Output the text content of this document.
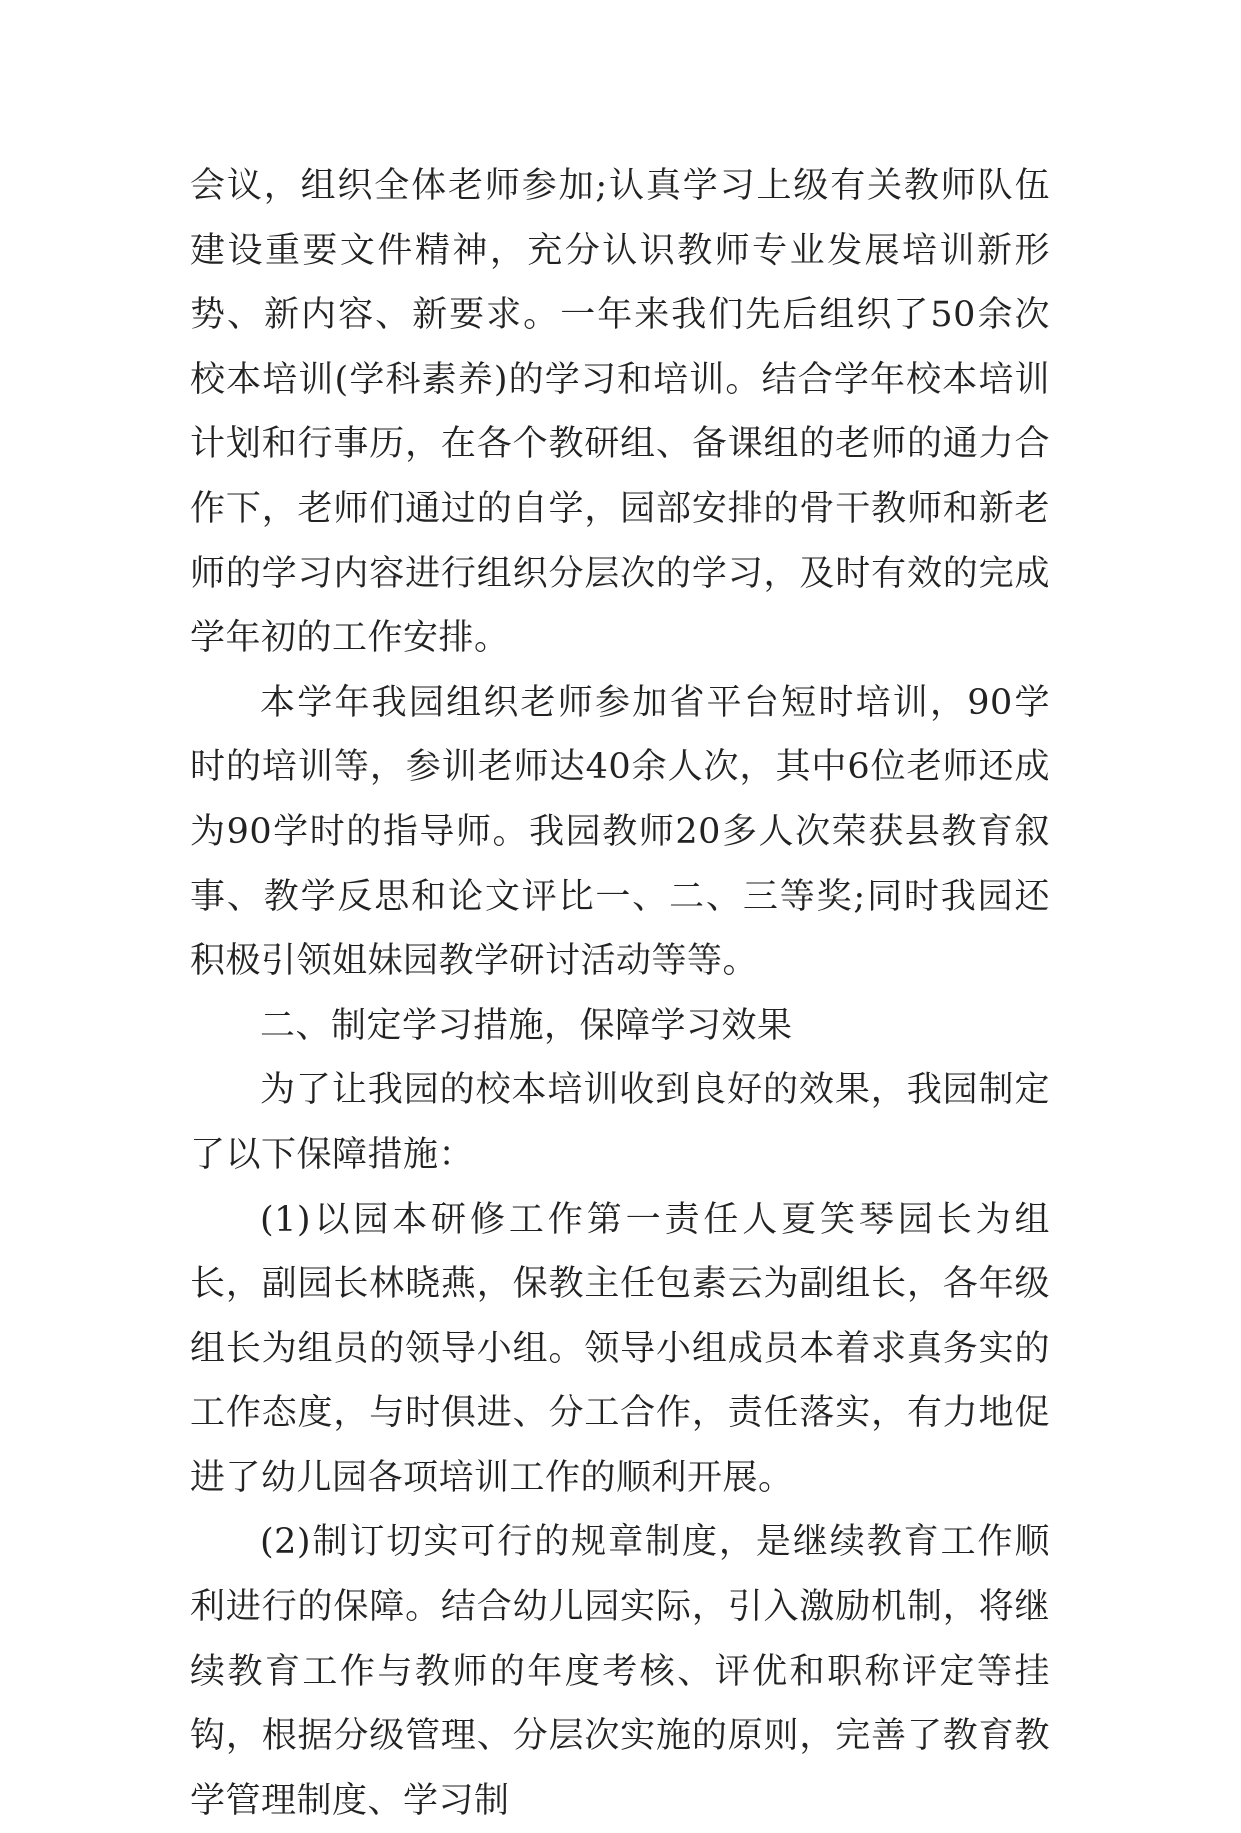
会议，组织全体老师参加;认真学习上级有关教师队伍建设重要文件精神，充分认识教师专业发展培训新形势、新内容、新要求。一年来我们先后组织了50余次校本培训(学科素养)的学习和培训。结合学年校本培训计划和行事历，在各个教研组、备课组的老师的通力合作下，老师们通过的自学，园部安排的骨干教师和新老师的学习内容进行组织分层次的学习，及时有效的完成学年初的工作安排。

本学年我园组织老师参加省平台短时培训，90学时的培训等，参训老师达40余人次，其中6位老师还成为90学时的指导师。我园教师20多人次荣获县教育叙事、教学反思和论文评比一、二、三等奖;同时我园还积极引领姐妹园教学研讨活动等等。

二、制定学习措施，保障学习效果

为了让我园的校本培训收到良好的效果，我园制定了以下保障措施：

(1)以园本研修工作第一责任人夏笑琴园长为组长，副园长林晓燕，保教主任包素云为副组长，各年级组长为组员的领导小组。领导小组成员本着求真务实的工作态度，与时俱进、分工合作，责任落实，有力地促进了幼儿园各项培训工作的顺利开展。

(2)制订切实可行的规章制度，是继续教育工作顺利进行的保障。结合幼儿园实际，引入激励机制，将继续教育工作与教师的年度考核、评优和职称评定等挂钩，根据分级管理、分层次实施的原则，完善了教育教学管理制度、学习制
